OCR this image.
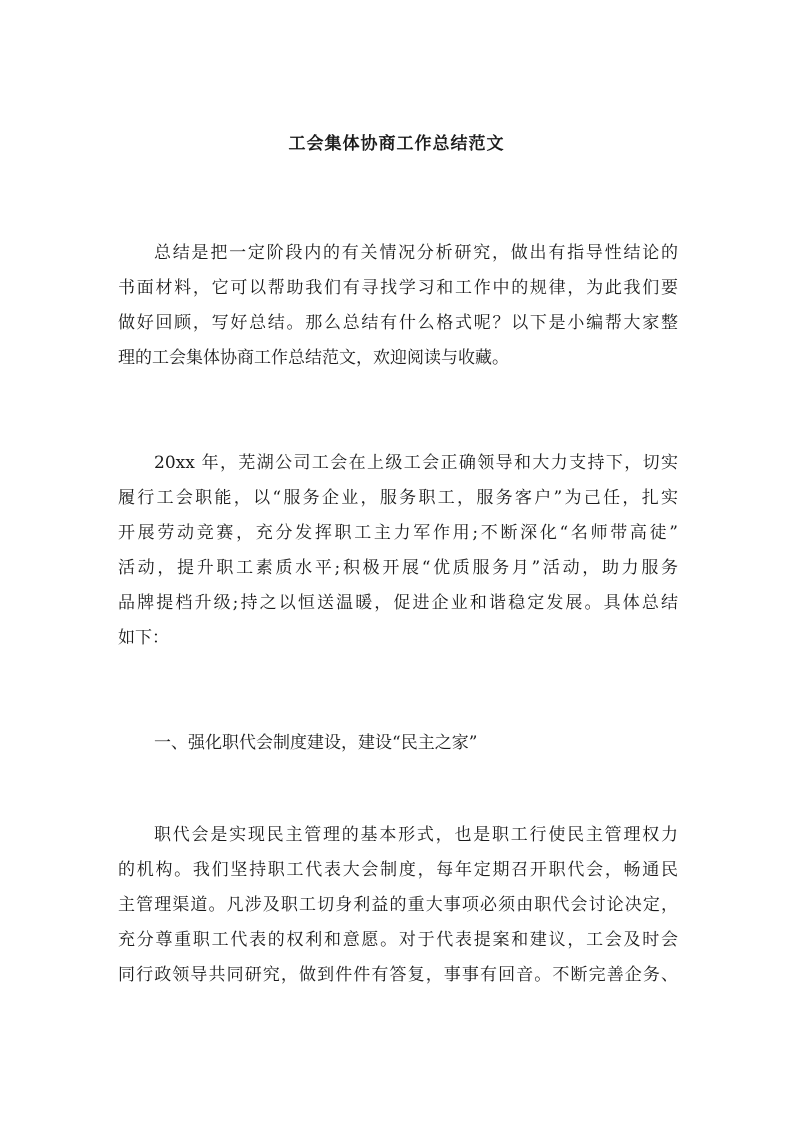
工会集体协商工作总结范文
总结是把一定阶段内的有关情况分析研究，做出有指导性结论的
书面材料，它可以帮助我们有寻找学习和工作中的规律，为此我们要
做好回顾，写好总结。那么总结有什么格式呢？以下是小编帮大家整
理的工会集体协商工作总结范文，欢迎阅读与收藏。
20xx 年，芜湖公司工会在上级工会正确领导和大力支持下，切实
履行工会职能，以“服务企业，服务职工，服务客户”为己任，扎实
开展劳动竞赛，充分发挥职工主力军作用;不断深化“名师带高徒”
活动，提升职工素质水平;积极开展“优质服务月”活动，助力服务
品牌提档升级;持之以恒送温暖，促进企业和谐稳定发展。具体总结
如下：
一、强化职代会制度建设，建设“民主之家”
职代会是实现民主管理的基本形式，也是职工行使民主管理权力
的机构。我们坚持职工代表大会制度，每年定期召开职代会，畅通民
主管理渠道。凡涉及职工切身利益的重大事项必须由职代会讨论决定，
充分尊重职工代表的权利和意愿。对于代表提案和建议，工会及时会
同行政领导共同研究，做到件件有答复，事事有回音。不断完善企务、
